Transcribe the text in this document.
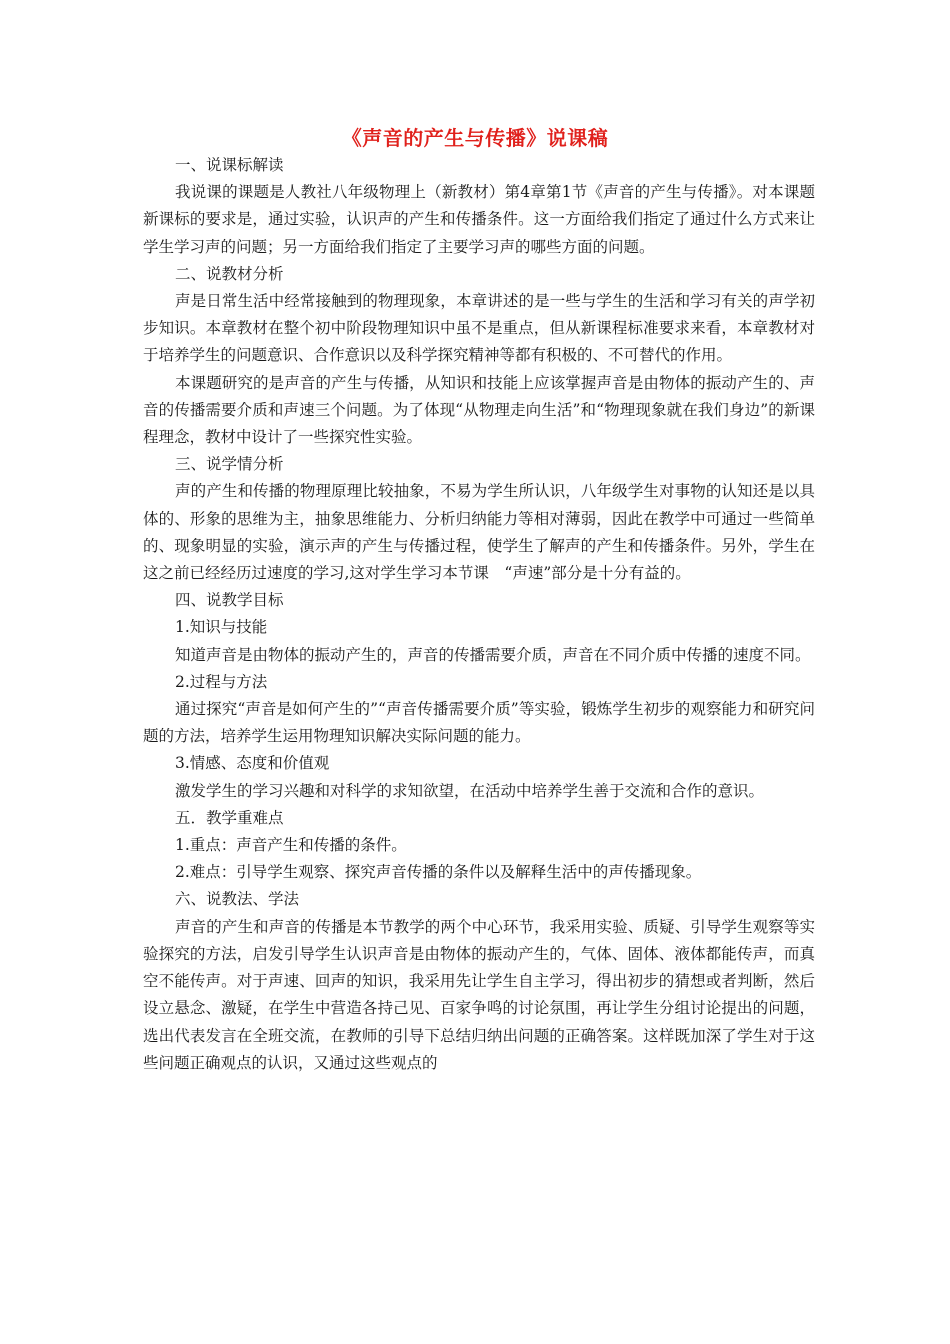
《声音的产生与传播》说课稿

一、说课标解读

我说课的课题是人教社八年级物理上（新教材）第4章第1节《声音的产生与传播》。对本课题新课标的要求是，通过实验，认识声的产生和传播条件。这一方面给我们指定了通过什么方式来让学生学习声的问题；另一方面给我们指定了主要学习声的哪些方面的问题。

二、说教材分析

声是日常生活中经常接触到的物理现象，本章讲述的是一些与学生的生活和学习有关的声学初步知识。本章教材在整个初中阶段物理知识中虽不是重点，但从新课程标准要求来看，本章教材对于培养学生的问题意识、合作意识以及科学探究精神等都有积极的、不可替代的作用。

本课题研究的是声音的产生与传播，从知识和技能上应该掌握声音是由物体的振动产生的、声音的传播需要介质和声速三个问题。为了体现“从物理走向生活”和“物理现象就在我们身边”的新课程理念，教材中设计了一些探究性实验。

三、说学情分析

声的产生和传播的物理原理比较抽象，不易为学生所认识，八年级学生对事物的认知还是以具体的、形象的思维为主，抽象思维能力、分析归纳能力等相对薄弱，因此在教学中可通过一些简单的、现象明显的实验，演示声的产生与传播过程，使学生了解声的产生和传播条件。另外，学生在这之前已经经历过速度的学习,这对学生学习本节课　“声速”部分是十分有益的。

四、说教学目标

1.知识与技能

知道声音是由物体的振动产生的，声音的传播需要介质，声音在不同介质中传播的速度不同。

2.过程与方法

通过探究“声音是如何产生的”“声音传播需要介质”等实验，锻炼学生初步的观察能力和研究问题的方法，培养学生运用物理知识解决实际问题的能力。

3.情感、态度和价值观

激发学生的学习兴趣和对科学的求知欲望，在活动中培养学生善于交流和合作的意识。

五．教学重难点

1.重点：声音产生和传播的条件。

2.难点：引导学生观察、探究声音传播的条件以及解释生活中的声传播现象。

六、说教法、学法

声音的产生和声音的传播是本节教学的两个中心环节，我采用实验、质疑、引导学生观察等实验探究的方法，启发引导学生认识声音是由物体的振动产生的，气体、固体、液体都能传声，而真空不能传声。对于声速、回声的知识，我采用先让学生自主学习，得出初步的猜想或者判断，然后设立悬念、激疑，在学生中营造各持己见、百家争鸣的讨论氛围，再让学生分组讨论提出的问题，选出代表发言在全班交流，在教师的引导下总结归纳出问题的正确答案。这样既加深了学生对于这些问题正确观点的认识，又通过这些观点的
